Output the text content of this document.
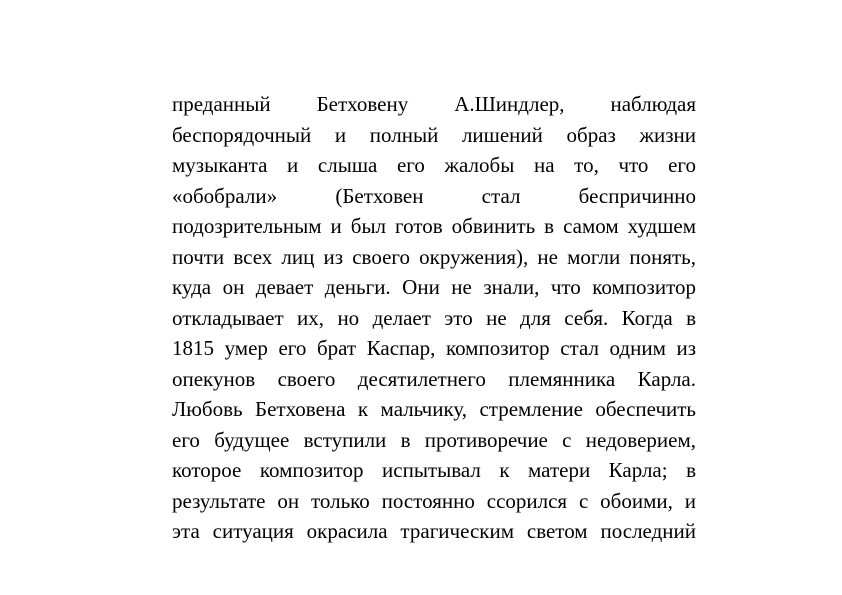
преданный Бетховену А.Шиндлер, наблюдая
беспорядочный и полный лишений образ жизни
музыканта и слыша его жалобы на то, что его
«обобрали» (Бетховен стал беспричинно
подозрительным и был готов обвинить в самом худшем
почти всех лиц из своего окружения), не могли понять,
куда он девает деньги. Они не знали, что композитор
откладывает их, но делает это не для себя. Когда в
1815 умер его брат Каспар, композитор стал одним из
опекунов своего десятилетнего племянника Карла.
Любовь Бетховена к мальчику, стремление обеспечить
его будущее вступили в противоречие с недоверием,
которое композитор испытывал к матери Карла; в
результате он только постоянно ссорился с обоими, и
эта ситуация окрасила трагическим светом последний
